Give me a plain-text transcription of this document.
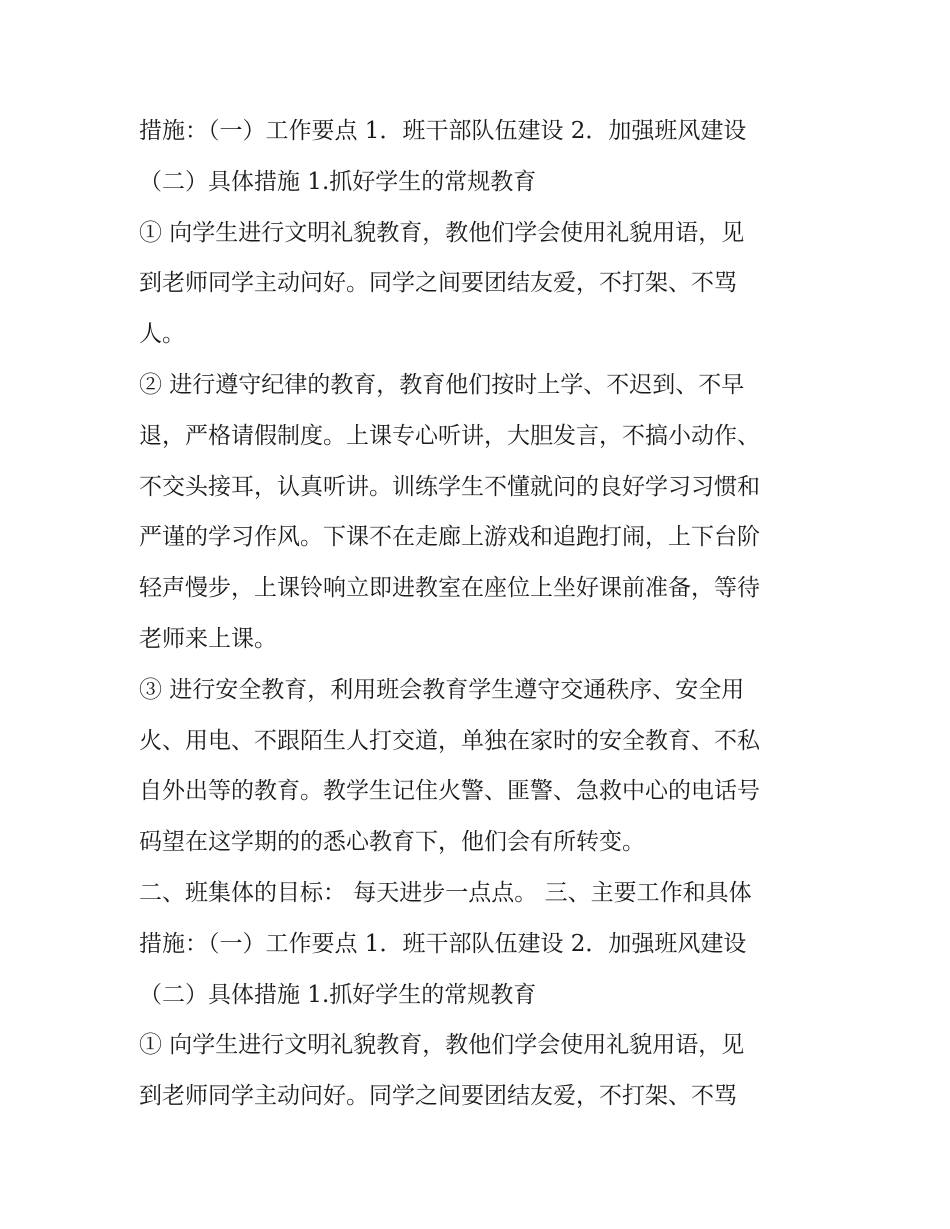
措施：（一）工作要点 1．班干部队伍建设 2．加强班风建设
（二）具体措施 1.抓好学生的常规教育
① 向学生进行文明礼貌教育，教他们学会使用礼貌用语，见
到老师同学主动问好。同学之间要团结友爱，不打架、不骂
人。
② 进行遵守纪律的教育，教育他们按时上学、不迟到、不早
退，严格请假制度。上课专心听讲，大胆发言，不搞小动作、
不交头接耳，认真听讲。训练学生不懂就问的良好学习习惯和
严谨的学习作风。下课不在走廊上游戏和追跑打闹，上下台阶
轻声慢步，上课铃响立即进教室在座位上坐好课前准备，等待
老师来上课。
③ 进行安全教育，利用班会教育学生遵守交通秩序、安全用
火、用电、不跟陌生人打交道，单独在家时的安全教育、不私
自外出等的教育。教学生记住火警、匪警、急救中心的电话号
码望在这学期的的悉心教育下，他们会有所转变。
二、班集体的目标： 每天进步一点点。 三、主要工作和具体
措施：（一）工作要点 1．班干部队伍建设 2．加强班风建设
（二）具体措施 1.抓好学生的常规教育
① 向学生进行文明礼貌教育，教他们学会使用礼貌用语，见
到老师同学主动问好。同学之间要团结友爱，不打架、不骂
